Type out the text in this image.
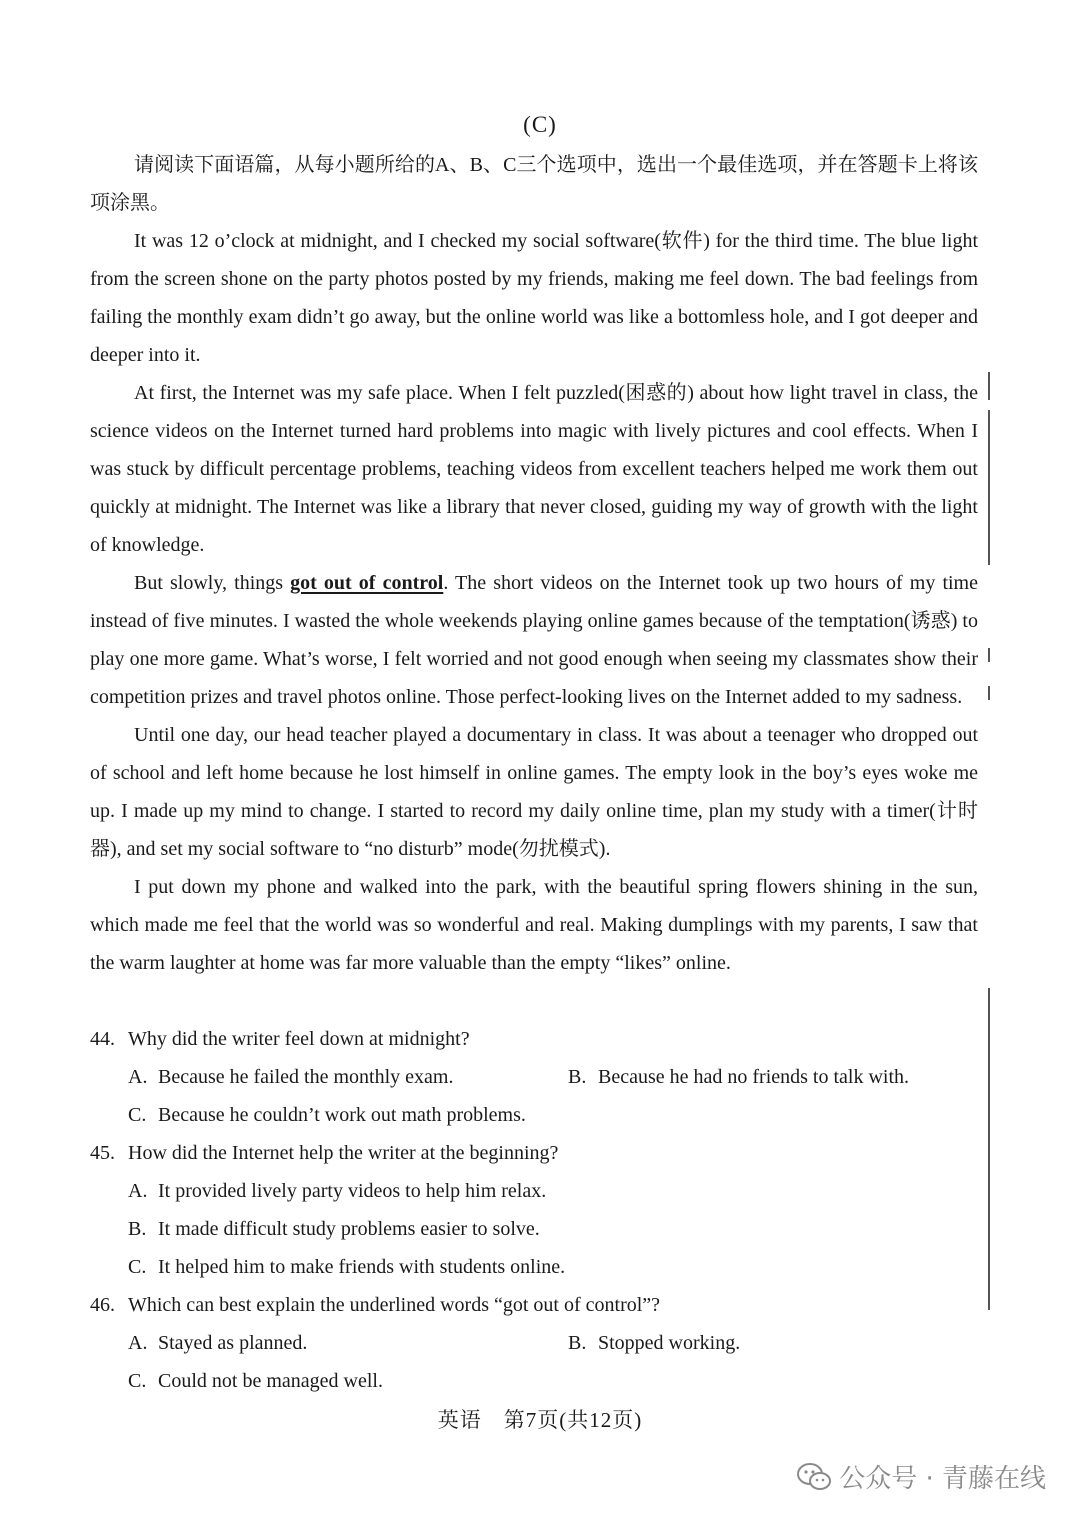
(C)

请阅读下面语篇，从每小题所给的A、B、C三个选项中，选出一个最佳选项，并在答题卡上将该项涂黑。

It was 12 o’clock at midnight, and I checked my social software(软件) for the third time. The blue light from the screen shone on the party photos posted by my friends, making me feel down. The bad feelings from failing the monthly exam didn’t go away, but the online world was like a bottomless hole, and I got deeper and deeper into it.

At first, the Internet was my safe place. When I felt puzzled(困惑的) about how light travel in class, the science videos on the Internet turned hard problems into magic with lively pictures and cool effects. When I was stuck by difficult percentage problems, teaching videos from excellent teachers helped me work them out quickly at midnight. The Internet was like a library that never closed, guiding my way of growth with the light of knowledge.

But slowly, things got out of control. The short videos on the Internet took up two hours of my time instead of five minutes. I wasted the whole weekends playing online games because of the temptation(诱惑) to play one more game. What’s worse, I felt worried and not good enough when seeing my classmates show their competition prizes and travel photos online. Those perfect-looking lives on the Internet added to my sadness.

Until one day, our head teacher played a documentary in class. It was about a teenager who dropped out of school and left home because he lost himself in online games. The empty look in the boy’s eyes woke me up. I made up my mind to change. I started to record my daily online time, plan my study with a timer(计时器), and set my social software to “no disturb” mode(勿扰模式).

I put down my phone and walked into the park, with the beautiful spring flowers shining in the sun, which made me feel that the world was so wonderful and real. Making dumplings with my parents, I saw that the warm laughter at home was far more valuable than the empty “likes” online.

44. Why did the writer feel down at midnight?
A. Because he failed the monthly exam.	B. Because he had no friends to talk with.
C. Because he couldn’t work out math problems.
45. How did the Internet help the writer at the beginning?
A. It provided lively party videos to help him relax.
B. It made difficult study problems easier to solve.
C. It helped him to make friends with students online.
46. Which can best explain the underlined words “got out of control”?
A. Stayed as planned.	B. Stopped working.
C. Could not be managed well.
英语　第7页(共12页)
公众号 · 青藤在线
